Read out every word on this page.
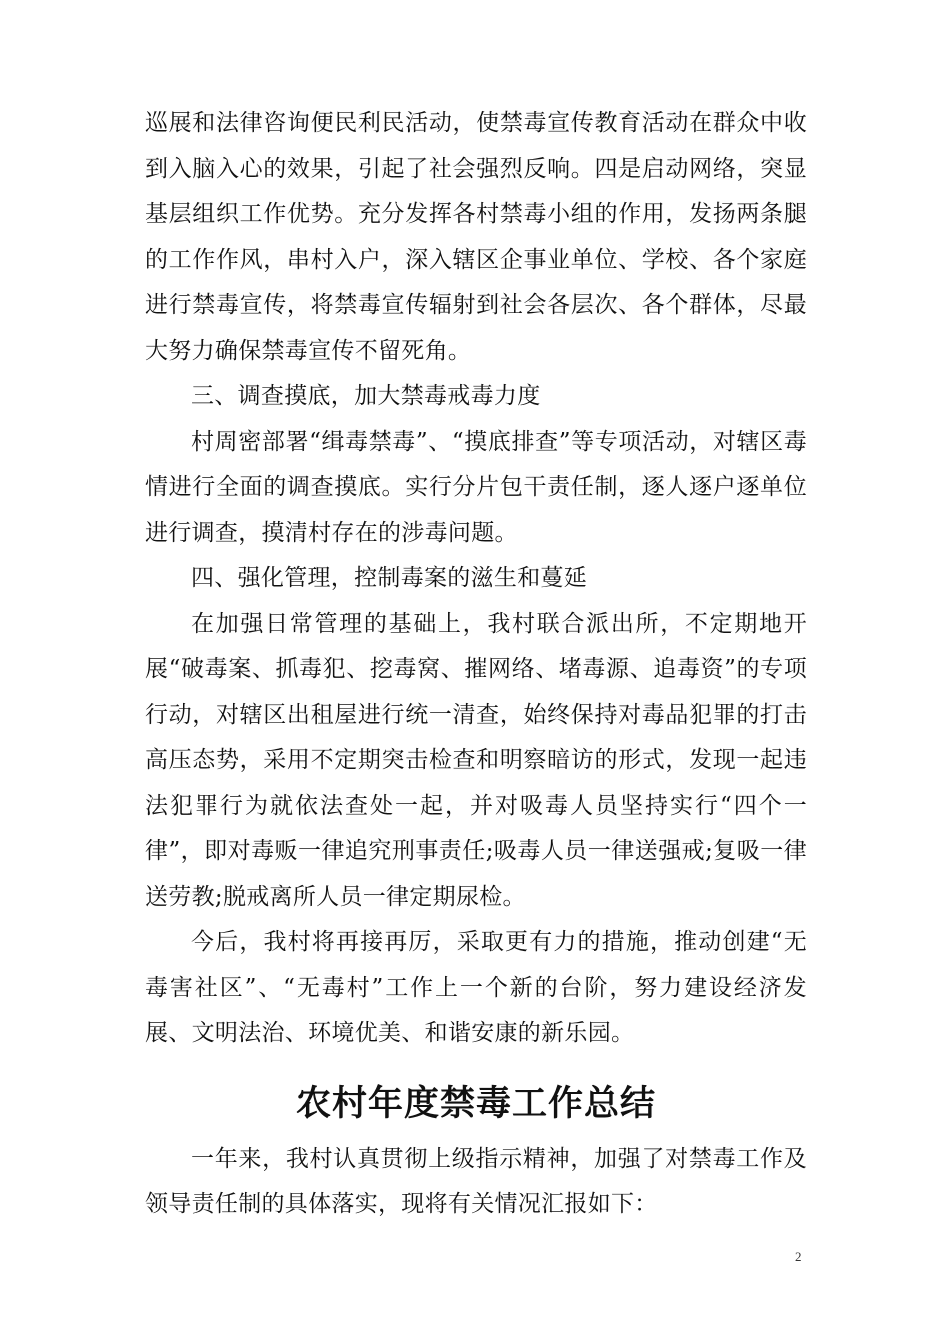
巡展和法律咨询便民利民活动，使禁毒宣传教育活动在群众中收到入脑入心的效果，引起了社会强烈反响。四是启动网络，突显基层组织工作优势。充分发挥各村禁毒小组的作用，发扬两条腿的工作作风，串村入户，深入辖区企事业单位、学校、各个家庭进行禁毒宣传，将禁毒宣传辐射到社会各层次、各个群体，尽最大努力确保禁毒宣传不留死角。

三、调查摸底，加大禁毒戒毒力度

村周密部署“缉毒禁毒”、“摸底排查”等专项活动，对辖区毒情进行全面的调查摸底。实行分片包干责任制，逐人逐户逐单位进行调查，摸清村存在的涉毒问题。

四、强化管理，控制毒案的滋生和蔓延

在加强日常管理的基础上，我村联合派出所，不定期地开展“破毒案、抓毒犯、挖毒窝、摧网络、堵毒源、追毒资”的专项行动，对辖区出租屋进行统一清查，始终保持对毒品犯罪的打击高压态势，采用不定期突击检查和明察暗访的形式，发现一起违法犯罪行为就依法查处一起，并对吸毒人员坚持实行“四个一律”，即对毒贩一律追究刑事责任;吸毒人员一律送强戒;复吸一律送劳教;脱戒离所人员一律定期尿检。

今后，我村将再接再厉，采取更有力的措施，推动创建“无毒害社区”、“无毒村”工作上一个新的台阶，努力建设经济发展、文明法治、环境优美、和谐安康的新乐园。

农村年度禁毒工作总结

一年来，我村认真贯彻上级指示精神，加强了对禁毒工作及领导责任制的具体落实，现将有关情况汇报如下：

2
